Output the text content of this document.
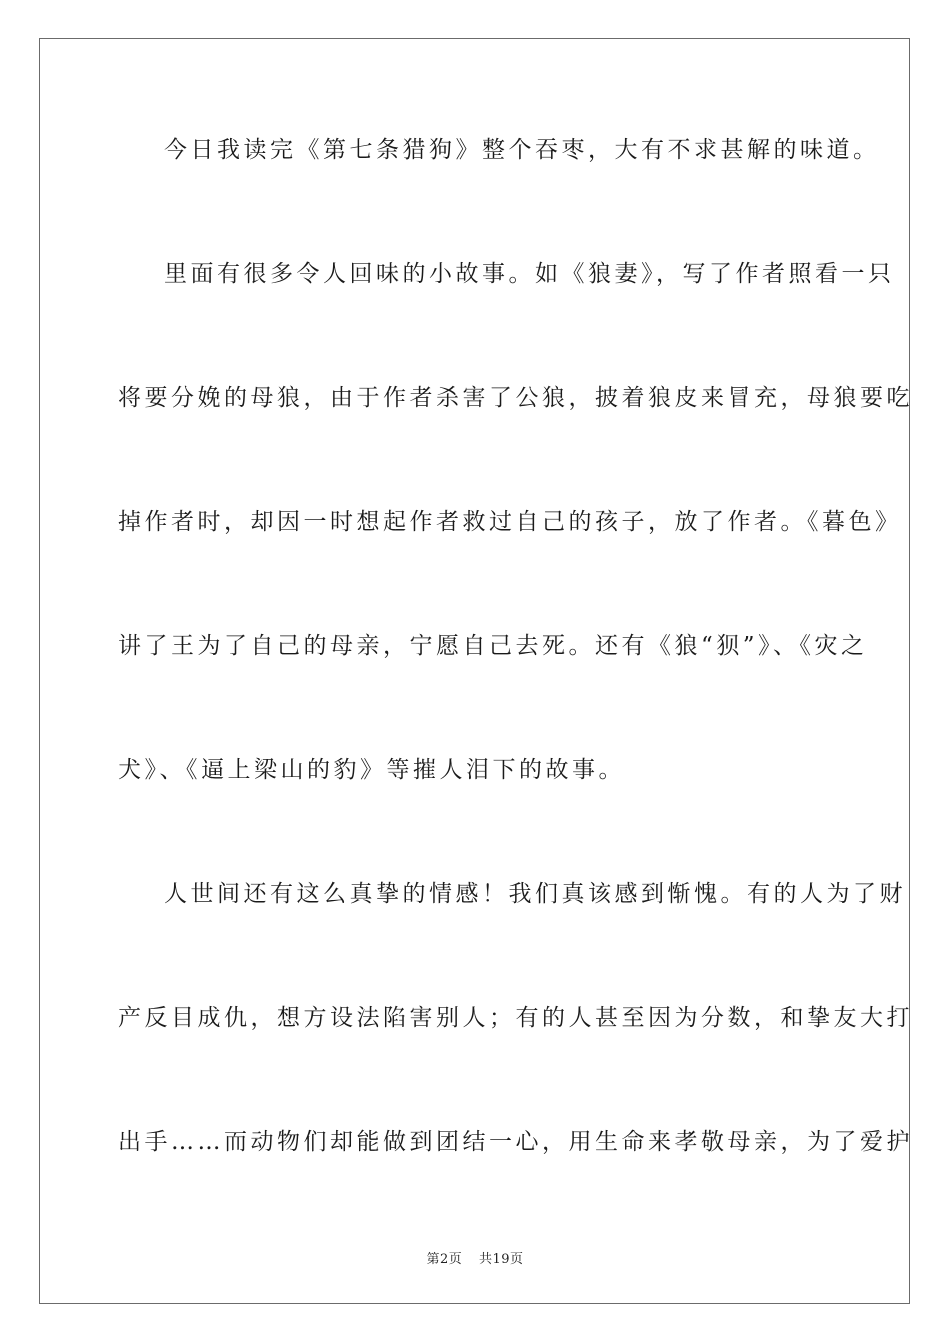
今日我读完《第七条猎狗》整个吞枣，大有不求甚解的味道。
里面有很多令人回味的小故事。如《狼妻》，写了作者照看一只
将要分娩的母狼，由于作者杀害了公狼，披着狼皮来冒充，母狼要吃
掉作者时，却因一时想起作者救过自己的孩子，放了作者。《暮色》
讲了王为了自己的母亲，宁愿自己去死。还有《狼“狈”》、《灾之
犬》、《逼上梁山的豹》等摧人泪下的故事。
人世间还有这么真挚的情感！我们真该感到惭愧。有的人为了财
产反目成仇，想方设法陷害别人；有的人甚至因为分数，和挚友大打
出手……而动物们却能做到团结一心，用生命来孝敬母亲，为了爱护
第2页 共19页
